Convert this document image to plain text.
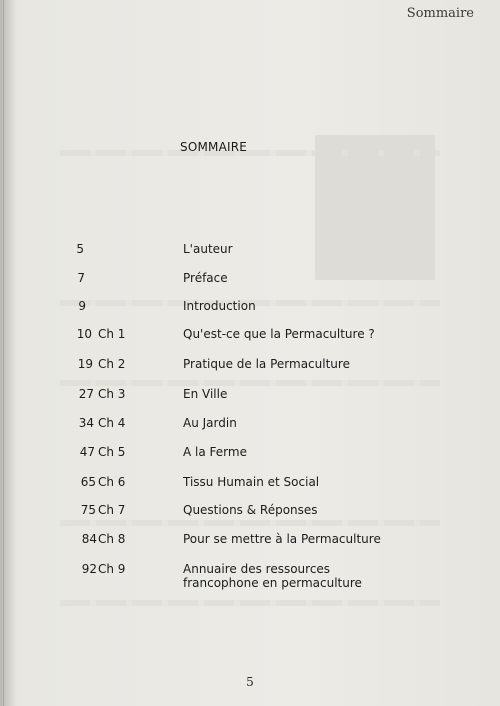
Sommaire
SOMMAIRE
5	L'auteur
7	Préface
9	Introduction
10 Ch 1	Qu'est-ce que la Permaculture ?
19 Ch 2	Pratique de la Permaculture
27 Ch 3	En Ville
34 Ch 4	Au Jardin
47 Ch 5	A la Ferme
65 Ch 6	Tissu Humain et Social
75 Ch 7	Questions & Réponses
84 Ch 8	Pour se mettre à la Permaculture
92 Ch 9	Annuaire des ressources francophone en permaculture
5
